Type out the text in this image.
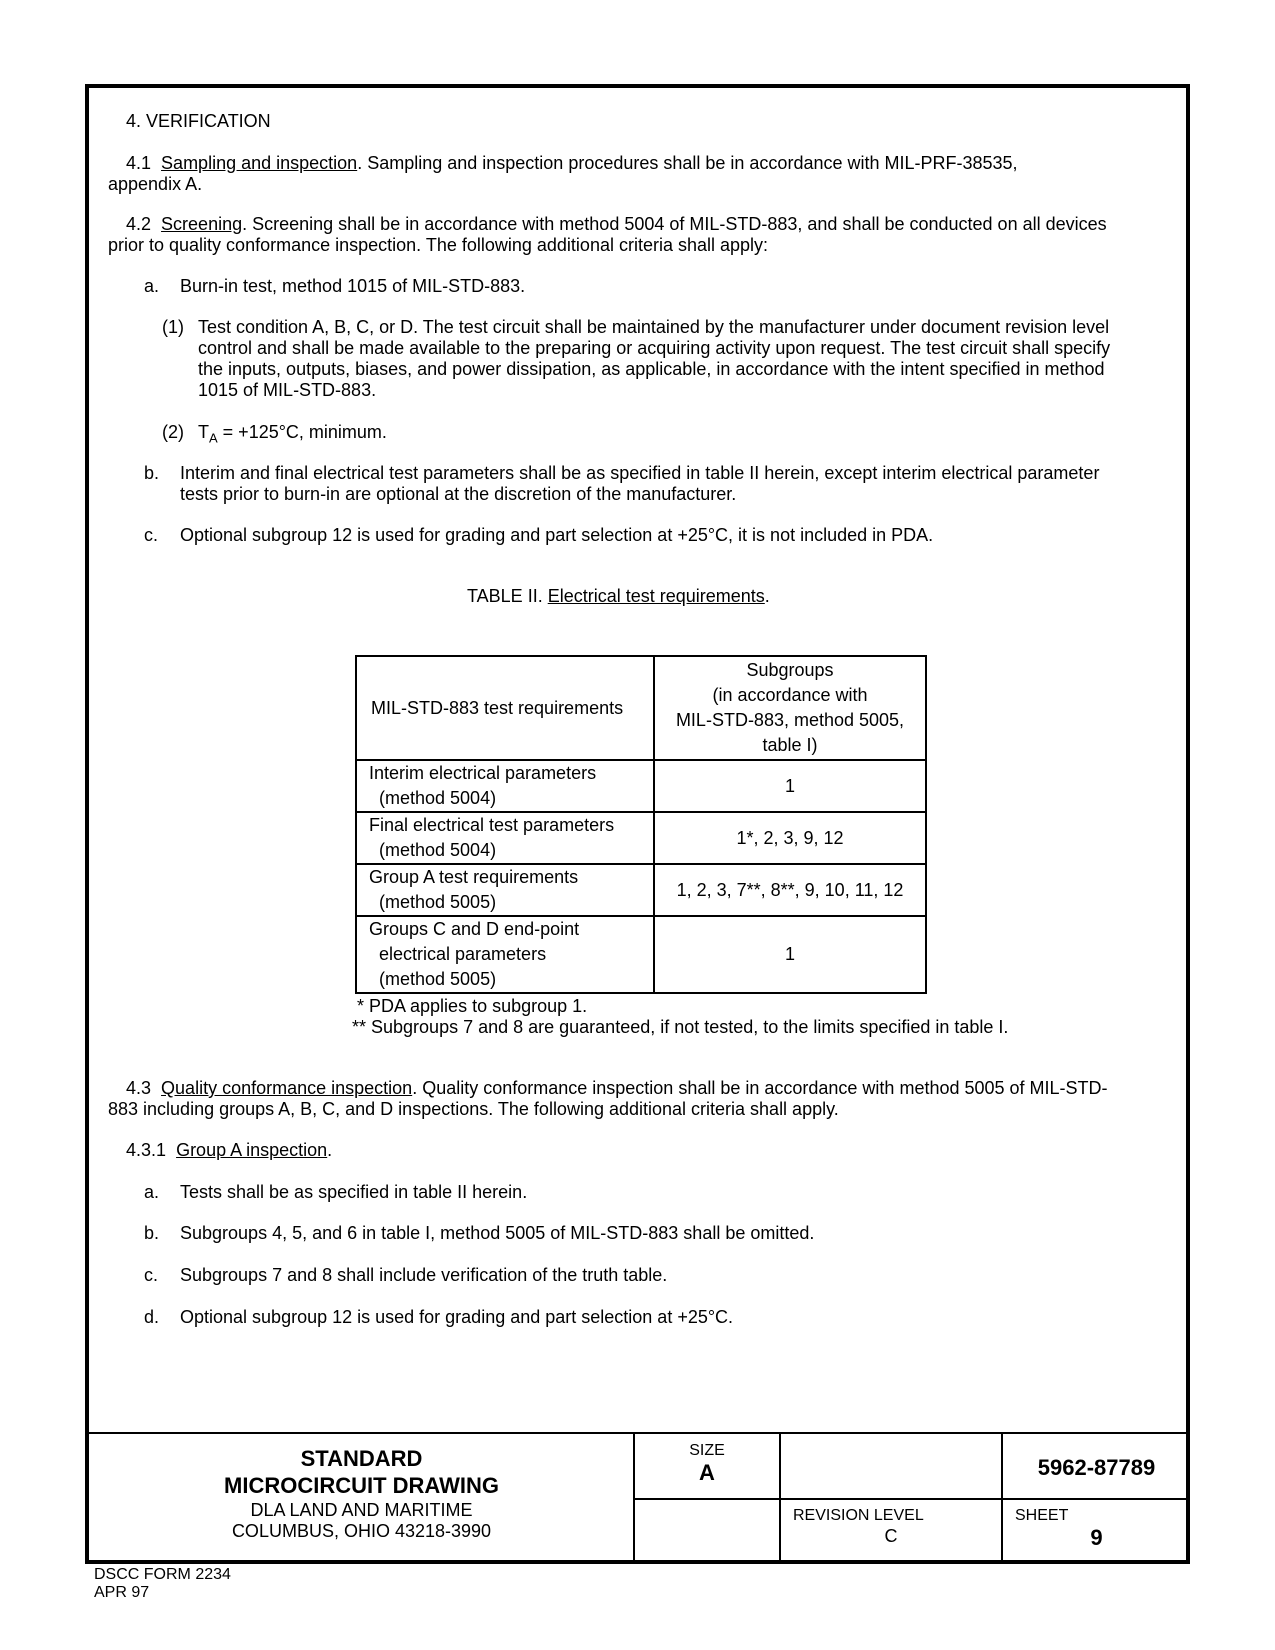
4. VERIFICATION
4.1 Sampling and inspection. Sampling and inspection procedures shall be in accordance with MIL-PRF-38535,
appendix A.
4.2 Screening. Screening shall be in accordance with method 5004 of MIL-STD-883, and shall be conducted on all devices
prior to quality conformance inspection. The following additional criteria shall apply:
a. Burn-in test, method 1015 of MIL-STD-883.
(1) Test condition A, B, C, or D. The test circuit shall be maintained by the manufacturer under document revision level
control and shall be made available to the preparing or acquiring activity upon request. The test circuit shall specify
the inputs, outputs, biases, and power dissipation, as applicable, in accordance with the intent specified in method
1015 of MIL-STD-883.
(2) $T_A = +125^\circ C$, minimum.
b. Interim and final electrical test parameters shall be as specified in table II herein, except interim electrical parameter
tests prior to burn-in are optional at the discretion of the manufacturer.
c. Optional subgroup 12 is used for grading and part selection at +25°C, it is not included in PDA.
TABLE II. Electrical test requirements.
MIL-STD-883 test requirements	Subgroups
(in accordance with
MIL-STD-883, method 5005,
table I)

Interim electrical parameters
(method 5004)	1

Final electrical test parameters
(method 5004)	1*, 2, 3, 9, 12

Group A test requirements
(method 5005)	1, 2, 3, 7**, 8**, 9, 10, 11, 12

Groups C and D end-point
electrical parameters
(method 5005)	1
* PDA applies to subgroup 1.
** Subgroups 7 and 8 are guaranteed, if not tested, to the limits specified in table I.
4.3 Quality conformance inspection. Quality conformance inspection shall be in accordance with method 5005 of MIL-STD-
883 including groups A, B, C, and D inspections. The following additional criteria shall apply.
4.3.1 Group A inspection.
a. Tests shall be as specified in table II herein.
b. Subgroups 4, 5, and 6 in table I, method 5005 of MIL-STD-883 shall be omitted.
c. Subgroups 7 and 8 shall include verification of the truth table.
d. Optional subgroup 12 is used for grading and part selection at +25°C.
STANDARD
MICROCIRCUIT DRAWING
DLA LAND AND MARITIME
COLUMBUS, OHIO 43218-3990
SIZE
A	5962-87789
REVISION LEVEL
C
SHEET
9
DSCC FORM 2234
APR 97
